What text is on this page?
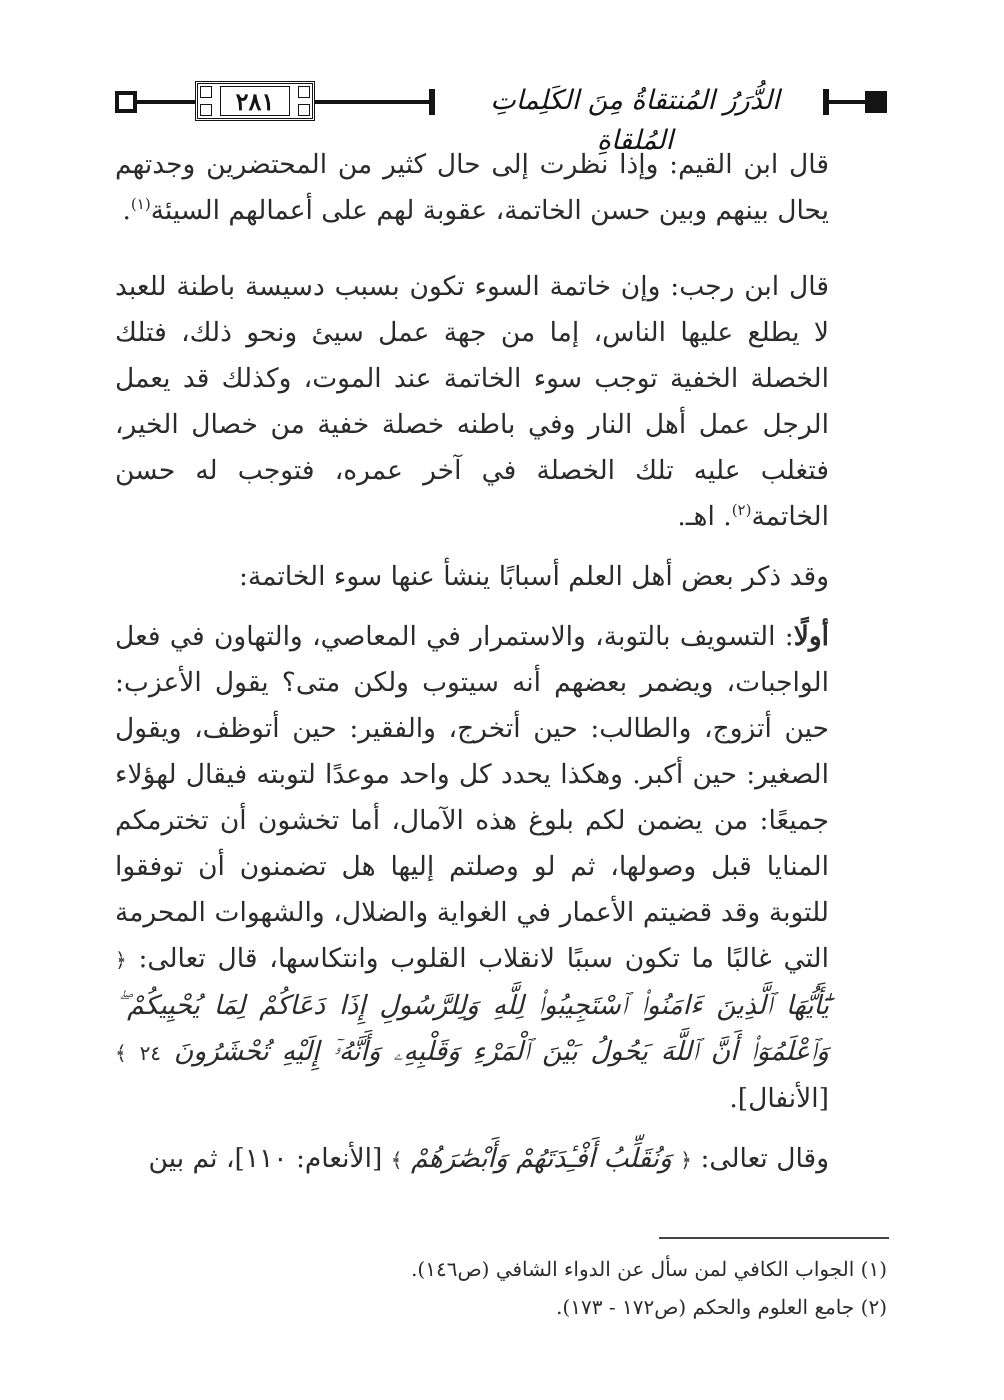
٢٨١	الدُّرَرُ المُنتقاةُ مِنَ الكَلِماتِ المُلقاةِ

قال ابن القيم: وإذا نظرت إلى حال كثير من المحتضرين وجدتهم يحال بينهم وبين حسن الخاتمة، عقوبة لهم على أعمالهم السيئة$^{(١)}$.

قال ابن رجب: وإن خاتمة السوء تكون بسبب دسيسة باطنة للعبد لا يطلع عليها الناس، إما من جهة عمل سيئ ونحو ذلك، فتلك الخصلة الخفية توجب سوء الخاتمة عند الموت، وكذلك قد يعمل الرجل عمل أهل النار وفي باطنه خصلة خفية من خصال الخير، فتغلب عليه تلك الخصلة في آخر عمره، فتوجب له حسن الخاتمة$^{(٢)}$. اهـ.

وقد ذكر بعض أهل العلم أسبابًا ينشأ عنها سوء الخاتمة:

أولًا: التسويف بالتوبة، والاستمرار في المعاصي، والتهاون في فعل الواجبات، ويضمر بعضهم أنه سيتوب ولكن متى؟ يقول الأعزب: حين أتزوج، والطالب: حين أتخرج، والفقير: حين أتوظف، ويقول الصغير: حين أكبر. وهكذا يحدد كل واحد موعدًا لتوبته فيقال لهؤلاء جميعًا: من يضمن لكم بلوغ هذه الآمال، أما تخشون أن تخترمكم المنايا قبل وصولها، ثم لو وصلتم إليها هل تضمنون أن توفقوا للتوبة وقد قضيتم الأعمار في الغواية والضلال، والشهوات المحرمة التي غالبًا ما تكون سببًا لانقلاب القلوب وانتكاسها، قال تعالى: ﴿ يَٰٓأَيُّهَا ٱلَّذِينَ ءَامَنُوا۟ ٱسْتَجِيبُوا۟ لِلَّهِ وَلِلرَّسُولِ إِذَا دَعَاكُمْ لِمَا يُحْيِيكُمْ ۖ وَٱعْلَمُوٓا۟ أَنَّ ٱللَّهَ يَحُولُ بَيْنَ ٱلْمَرْءِ وَقَلْبِهِۦ وَأَنَّهُۥٓ إِلَيْهِ تُحْشَرُونَ ٢٤ ﴾ [الأنفال].

وقال تعالى: ﴿ وَنُقَلِّبُ أَفْـِٔدَتَهُمْ وَأَبْصَٰرَهُمْ ﴾ [الأنعام: ١١٠]، ثم بين

(١) الجواب الكافي لمن سأل عن الدواء الشافي (ص١٤٦).
(٢) جامع العلوم والحكم (ص١٧٢ - ١٧٣).
